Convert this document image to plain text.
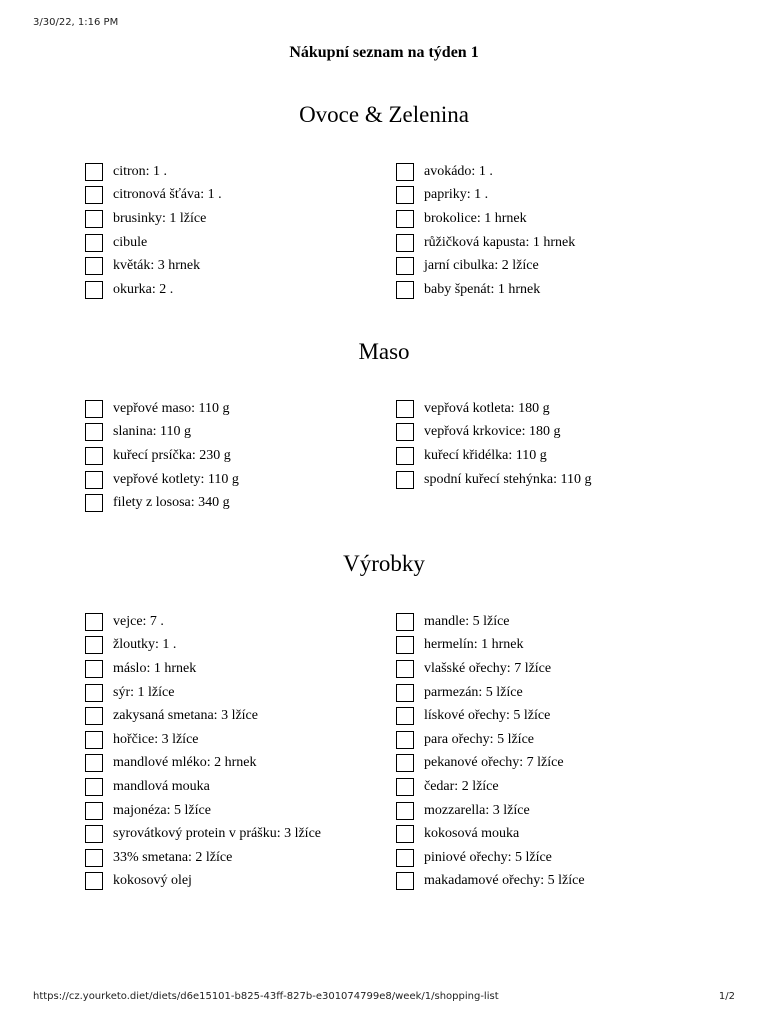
3/30/22, 1:16 PM
Nákupní seznam na týden 1
Ovoce & Zelenina
citron: 1 .
citronová šťáva: 1 .
brusinky: 1 lžíce
cibule
květák: 3 hrnek
okurka: 2 .
avokádo: 1 .
papriky: 1 .
brokolice: 1 hrnek
růžičková kapusta: 1 hrnek
jarní cibulka: 2 lžíce
baby špenát: 1 hrnek
Maso
vepřové maso: 110 g
slanina: 110 g
kuřecí prsíčka: 230 g
vepřové kotlety: 110 g
filety z lososa: 340 g
vepřová kotleta: 180 g
vepřová krkovice: 180 g
kuřecí křidélka: 110 g
spodní kuřecí stehýnka: 110 g
Výrobky
vejce: 7 .
žloutky: 1 .
máslo: 1 hrnek
sýr: 1 lžíce
zakysaná smetana: 3 lžíce
hořčice: 3 lžíce
mandlové mléko: 2 hrnek
mandlová mouka
majonéza: 5 lžíce
syrovátkový protein v prášku: 3 lžíce
33% smetana: 2 lžíce
kokosový olej
mandle: 5 lžíce
hermelín: 1 hrnek
vlašské ořechy: 7 lžíce
parmezán: 5 lžíce
lískové ořechy: 5 lžíce
para ořechy: 5 lžíce
pekanové ořechy: 7 lžíce
čedar: 2 lžíce
mozzarella: 3 lžíce
kokosová mouka
piniové ořechy: 5 lžíce
makadamové ořechy: 5 lžíce
https://cz.yourketo.diet/diets/d6e15101-b825-43ff-827b-e301074799e8/week/1/shopping-list	1/2
